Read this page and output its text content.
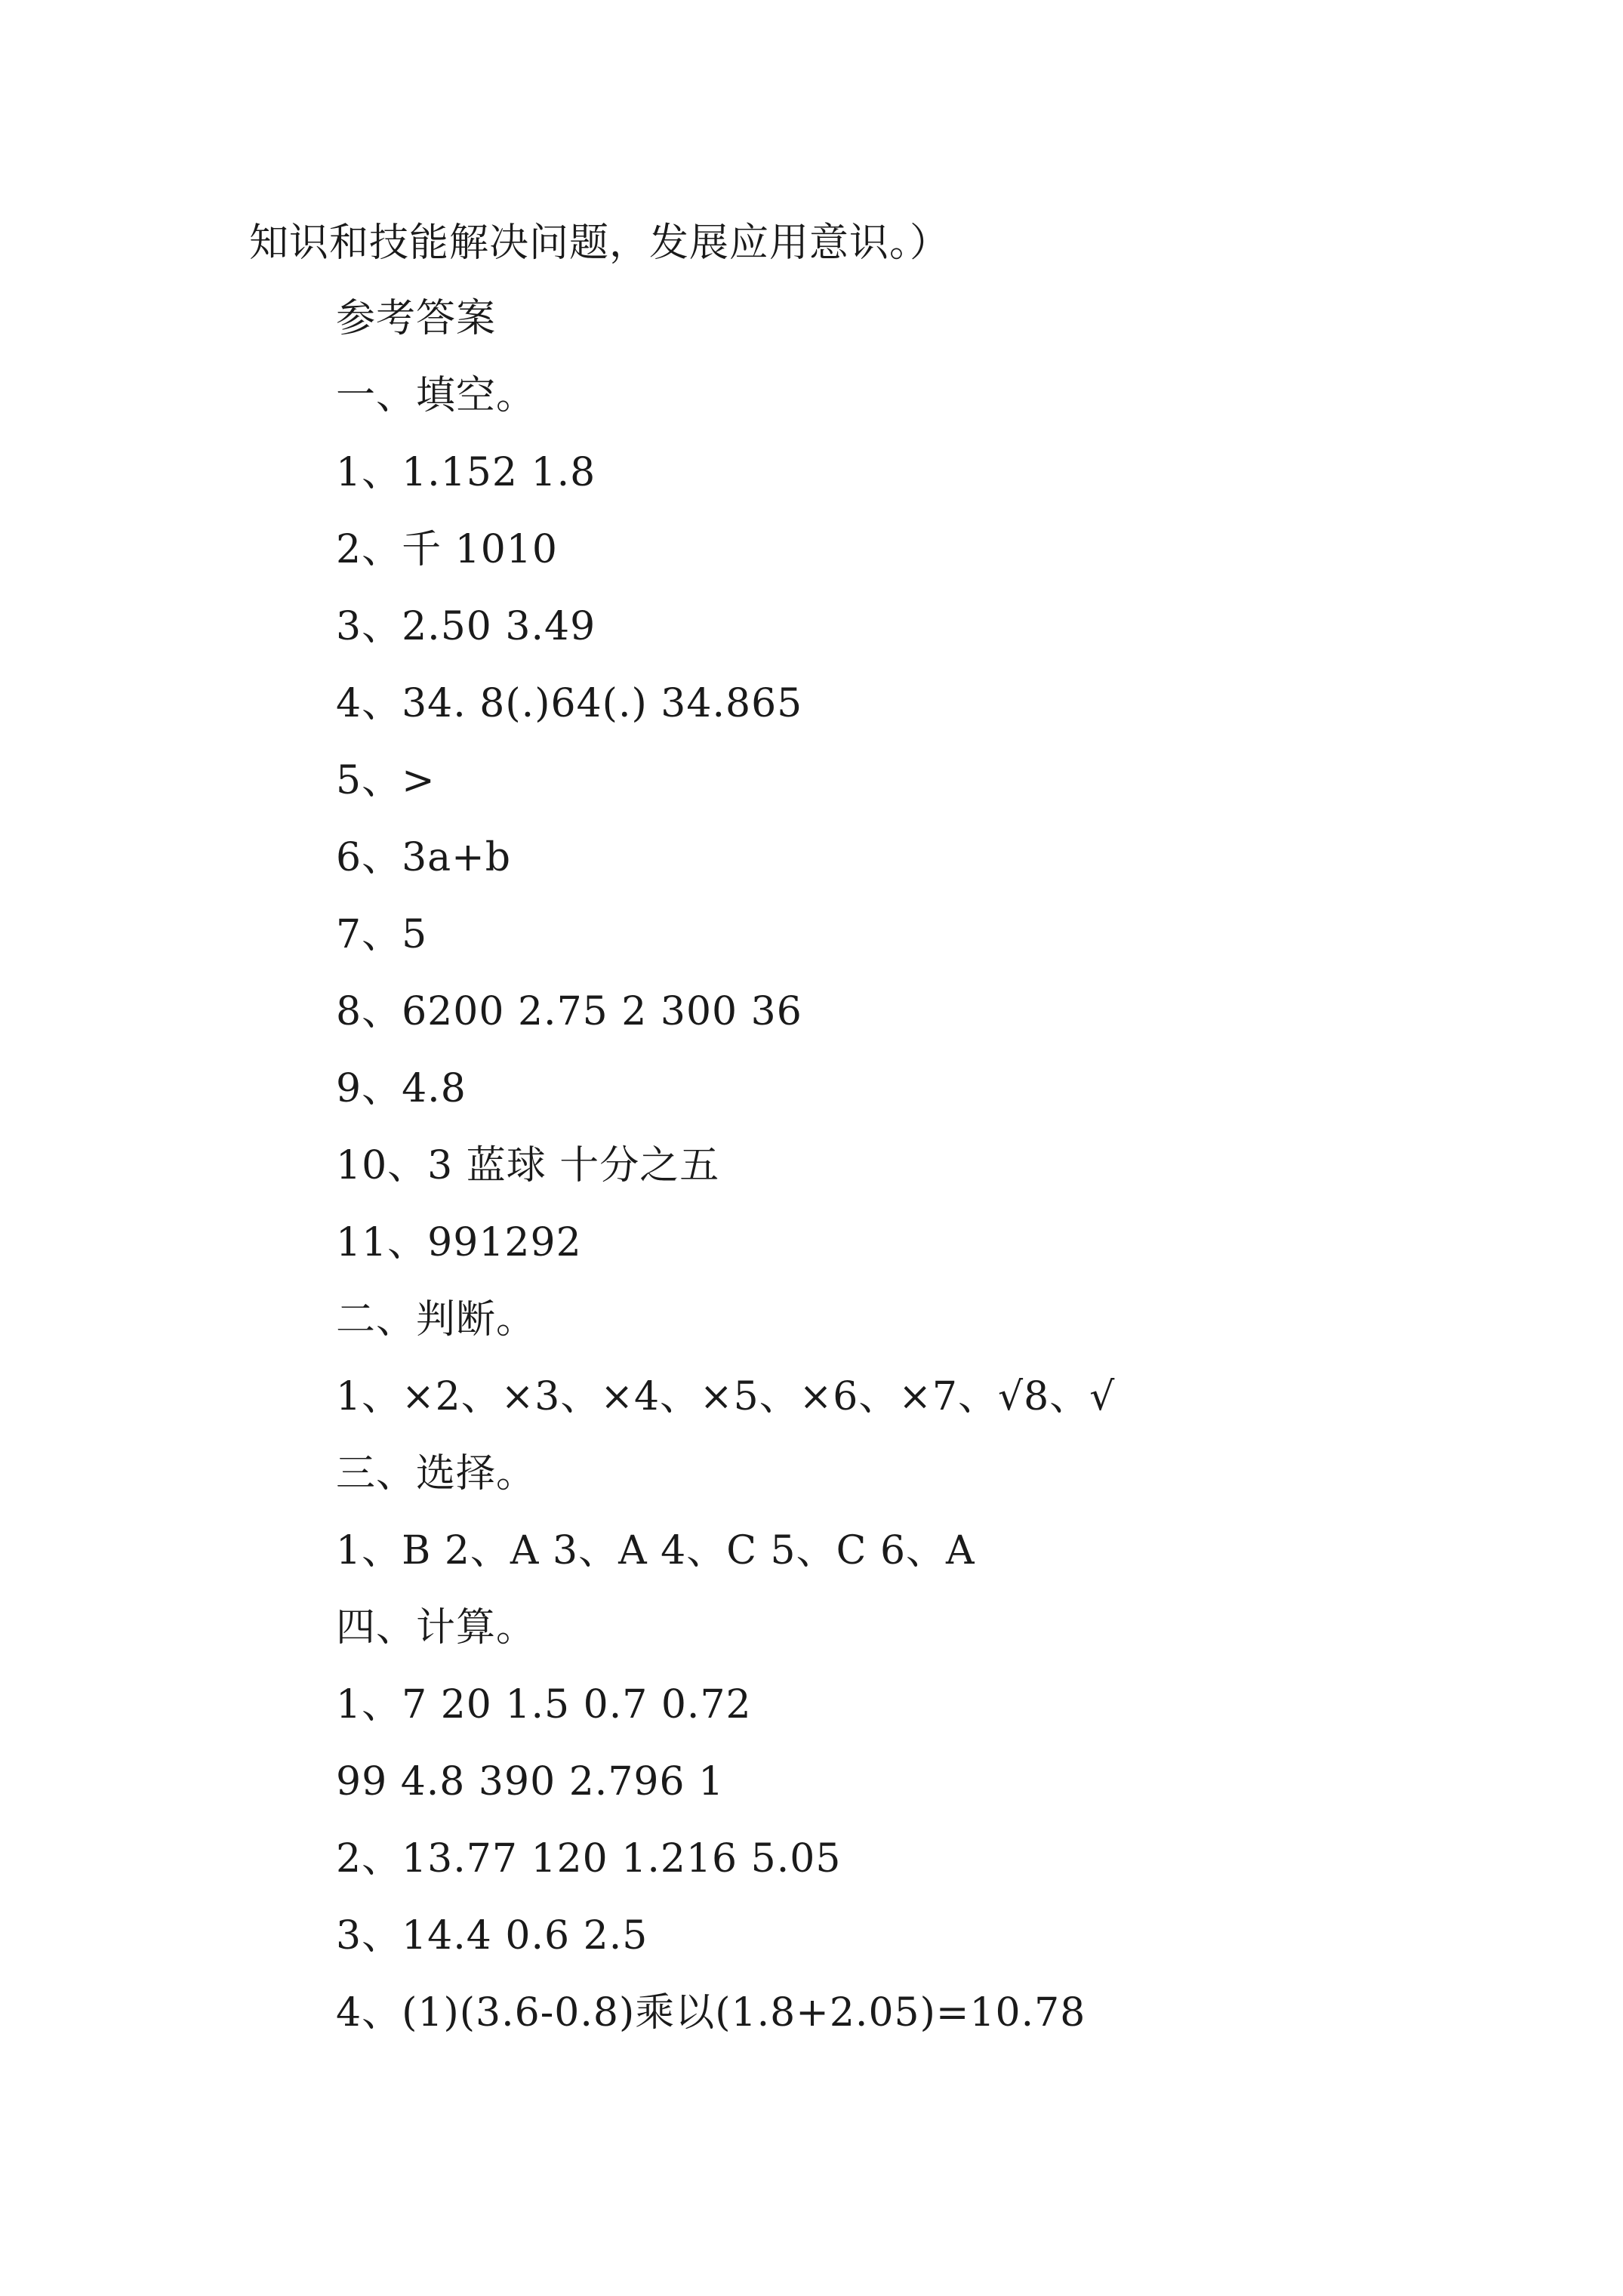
知识和技能解决问题，发展应用意识。）
参考答案
一、填空。
1、1.152 1.8
2、千 1010
3、2.50 3.49
4、34. 8(.)64(.) 34.865
5、>
6、3a+b
7、5
8、6200 2.75 2 300 36
9、4.8
10、3 蓝球 十分之五
11、991292
二、判断。
1、×2、×3、×4、×5、×6、×7、√8、√
三、选择。
1、B 2、A 3、A 4、C 5、C 6、A
四、计算。
1、7 20 1.5 0.7 0.72
99 4.8 390 2.796 1
2、13.77 120 1.216 5.05
3、14.4 0.6 2.5
4、(1)(3.6-0.8)乘以(1.8+2.05)=10.78
